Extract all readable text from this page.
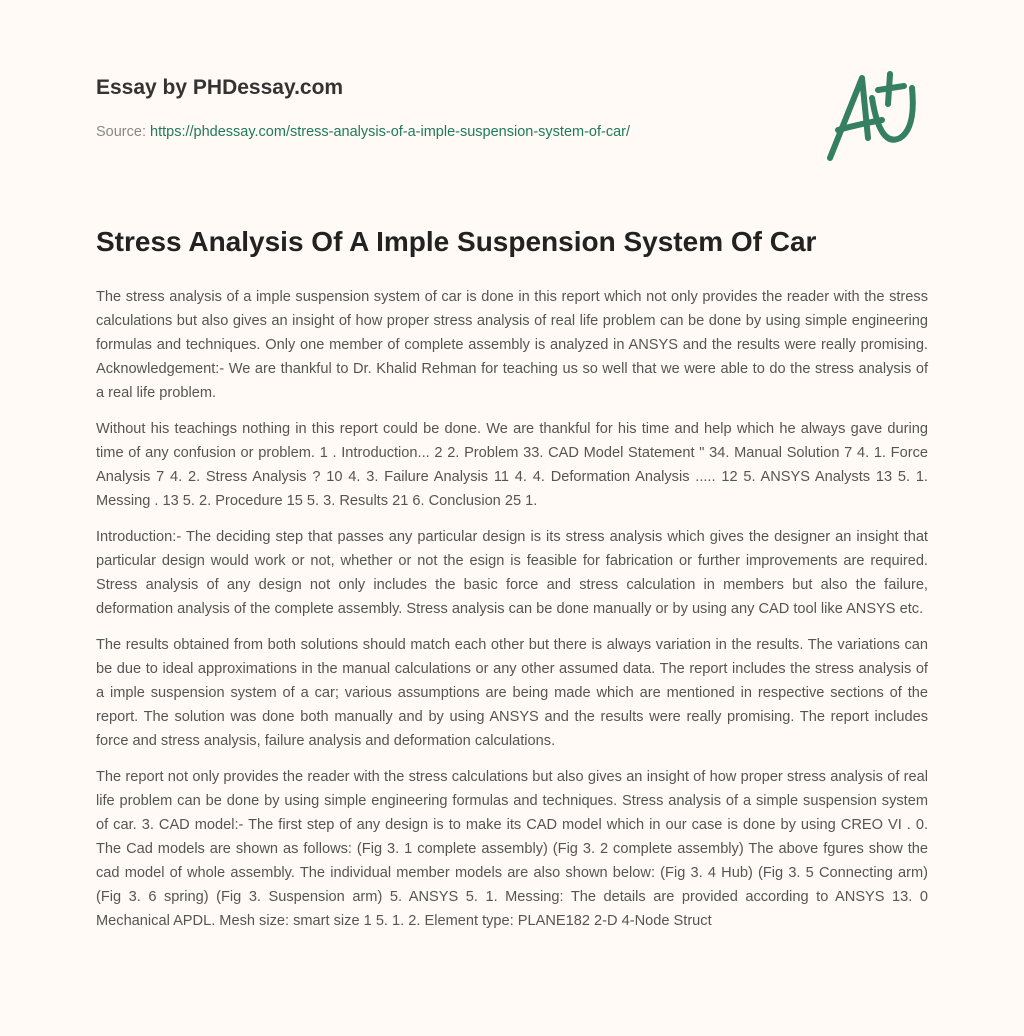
Essay by PHDessay.com
Source: https://phdessay.com/stress-analysis-of-a-imple-suspension-system-of-car/
Stress Analysis Of A Imple Suspension System Of Car

The stress analysis of a imple suspension system of car is done in this report which not only provides the reader with the stress calculations but also gives an insight of how proper stress analysis of real life problem can be done by using simple engineering formulas and techniques. Only one member of complete assembly is analyzed in ANSYS and the results were really promising. Acknowledgement:- We are thankful to Dr. Khalid Rehman for teaching us so well that we were able to do the stress analysis of a real life problem.

Without his teachings nothing in this report could be done. We are thankful for his time and help which he always gave during time of any confusion or problem. 1 . Introduction... 2 2. Problem 33. CAD Model Statement " 34. Manual Solution 7 4. 1. Force Analysis 7 4. 2. Stress Analysis ? 10 4. 3. Failure Analysis 11 4. 4. Deformation Analysis ..... 12 5. ANSYS Analysts 13 5. 1. Messing . 13 5. 2. Procedure 15 5. 3. Results 21 6. Conclusion 25 1.

Introduction:- The deciding step that passes any particular design is its stress analysis which gives the designer an insight that particular design would work or not, whether or not the esign is feasible for fabrication or further improvements are required. Stress analysis of any design not only includes the basic force and stress calculation in members but also the failure, deformation analysis of the complete assembly. Stress analysis can be done manually or by using any CAD tool like ANSYS etc.

The results obtained from both solutions should match each other but there is always variation in the results. The variations can be due to ideal approximations in the manual calculations or any other assumed data. The report includes the stress analysis of a imple suspension system of a car; various assumptions are being made which are mentioned in respective sections of the report. The solution was done both manually and by using ANSYS and the results were really promising. The report includes force and stress analysis, failure analysis and deformation calculations.

The report not only provides the reader with the stress calculations but also gives an insight of how proper stress analysis of real life problem can be done by using simple engineering formulas and techniques. Stress analysis of a simple suspension system of car. 3. CAD model:- The first step of any design is to make its CAD model which in our case is done by using CREO VI . 0. The Cad models are shown as follows: (Fig 3. 1 complete assembly) (Fig 3. 2 complete assembly) The above fgures show the cad model of whole assembly. The individual member models are also shown below: (Fig 3. 4 Hub) (Fig 3. 5 Connecting arm) (Fig 3. 6 spring) (Fig 3. Suspension arm) 5. ANSYS 5. 1. Messing: The details are provided according to ANSYS 13. 0 Mechanical APDL. Mesh size: smart size 1 5. 1. 2. Element type: PLANE182 2-D 4-Node Struct
